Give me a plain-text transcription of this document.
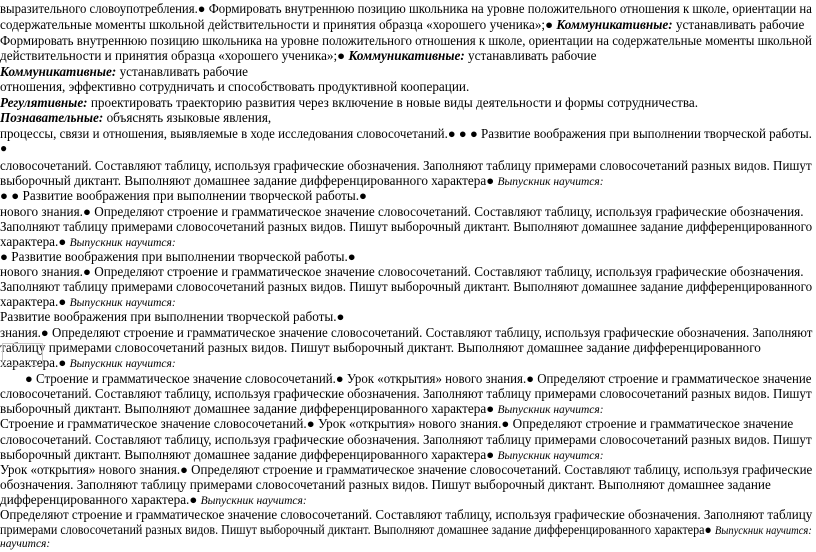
выразительного словоупотребления.● Формировать внутреннюю позицию школьника на уровне положительного отношения к школе, ориентации на
содержательные моменты школьной действительности и принятия образца «хорошего ученика»;● Коммуникативные: устанавливать рабочие
Формировать внутреннюю позицию школьника на уровне положительного отношения к школе, ориентации на содержательные моменты школьной
действительности и принятия образца «хорошего ученика»;● Коммуникативные: устанавливать рабочие
Коммуникативные: устанавливать рабочие
отношения, эффективно сотрудничать и способствовать продуктивной кооперации.
Регулятивные: проектировать траекторию развития через включение в новые виды деятельности и формы сотрудничества.
Познавательные: объяснять языковые явления,
процессы, связи и отношения, выявляемые в ходе исследования словосочетаний.● ● ● Развитие воображения при выполнении творческой работы.
●
словосочетаний. Составляют таблицу, используя графические обозначения. Заполняют таблицу примерами словосочетаний разных видов. Пишут
выборочный диктант. Выполняют домашнее задание дифференцированного характера● Выпускник научится:
● ● Развитие воображения при выполнении творческой работы.●
нового знания.● Определяют строение и грамматическое значение словосочетаний. Составляют таблицу, используя графические обозначения.
Заполняют таблицу примерами словосочетаний разных видов. Пишут выборочный диктант. Выполняют домашнее задание дифференцированного
характера.● Выпускник научится:
● Развитие воображения при выполнении творческой работы.●
нового знания.● Определяют строение и грамматическое значение словосочетаний. Составляют таблицу, используя графические обозначения.
Заполняют таблицу примерами словосочетаний разных видов. Пишут выборочный диктант. Выполняют домашнее задание дифференцированного
характера.● Выпускник научится:
Развитие воображения при выполнении творческой работы.●
знания.● Определяют строение и грамматическое значение словосочетаний. Составляют таблицу, используя графические обозначения. Заполняют
таблицу примерами словосочетаний разных видов. Пишут выборочный диктант. Выполняют домашнее задание дифференцированного
характера.● Выпускник научится:
● Строение и грамматическое значение словосочетаний.● Урок «открытия» нового знания.● Определяют строение и грамматическое значение
словосочетаний. Составляют таблицу, используя графические обозначения. Заполняют таблицу примерами словосочетаний разных видов. Пишут
выборочный диктант. Выполняют домашнее задание дифференцированного характера● Выпускник научится:
Строение и грамматическое значение словосочетаний.● Урок «открытия» нового знания.● Определяют строение и грамматическое значение
словосочетаний. Составляют таблицу, используя графические обозначения. Заполняют таблицу примерами словосочетаний разных видов. Пишут
выборочный диктант. Выполняют домашнее задание дифференцированного характера● Выпускник научится:
Урок «открытия» нового знания.● Определяют строение и грамматическое значение словосочетаний. Составляют таблицу, используя графические
обозначения. Заполняют таблицу примерами словосочетаний разных видов. Пишут выборочный диктант. Выполняют домашнее задание
дифференцированного характера.● Выпускник научится:
Определяют строение и грамматическое значение словосочетаний. Составляют таблицу, используя графические обозначения. Заполняют таблицу
примерами словосочетаний разных видов. Пишут выборочный диктант. Выполняют домашнее задание дифференцированного характера● Выпускник научится:
научится:
